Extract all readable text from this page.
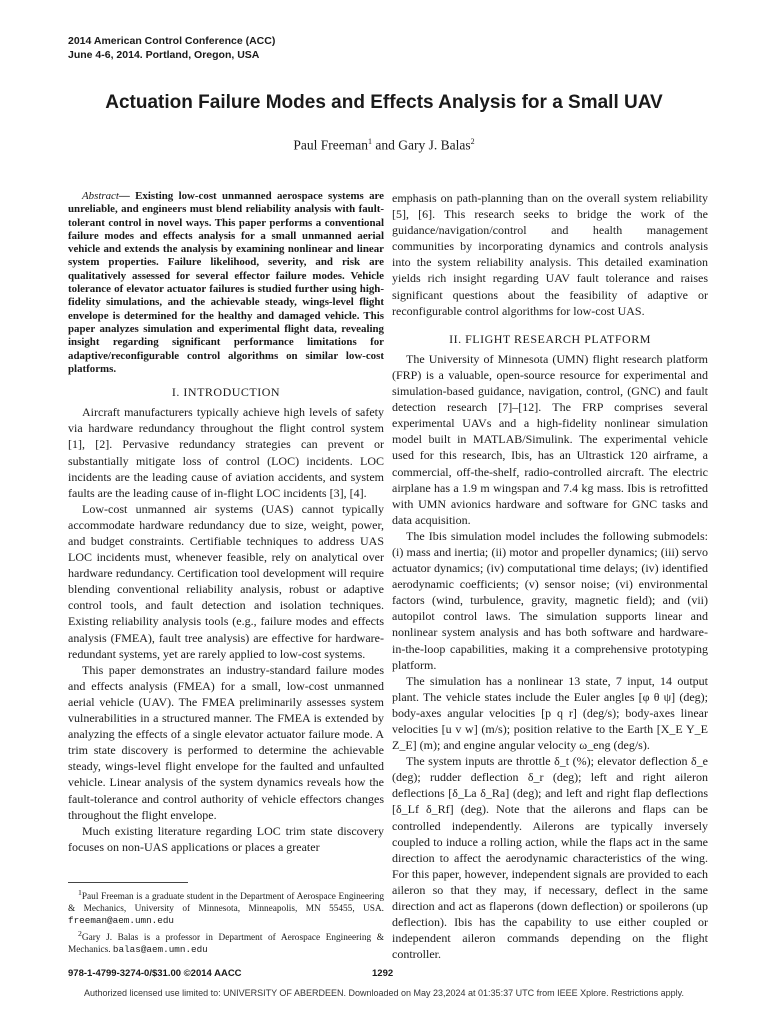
2014 American Control Conference (ACC)
June 4-6, 2014. Portland, Oregon, USA
Actuation Failure Modes and Effects Analysis for a Small UAV
Paul Freeman$^1$ and Gary J. Balas$^2$

Abstract— Existing low-cost unmanned aerospace systems are unreliable, and engineers must blend reliability analysis with fault-tolerant control in novel ways. This paper performs a conventional failure modes and effects analysis for a small unmanned aerial vehicle and extends the analysis by examining nonlinear and linear system properties. Failure likelihood, severity, and risk are qualitatively assessed for several effector failure modes. Vehicle tolerance of elevator actuator failures is studied further using high-fidelity simulations, and the achievable steady, wings-level flight envelope is determined for the healthy and damaged vehicle. This paper analyzes simulation and experimental flight data, revealing insight regarding significant performance limitations for adaptive/reconfigurable control algorithms on similar low-cost platforms.

I. INTRODUCTION

Aircraft manufacturers typically achieve high levels of safety via hardware redundancy throughout the flight control system [1], [2]. Pervasive redundancy strategies can prevent or substantially mitigate loss of control (LOC) incidents. LOC incidents are the leading cause of aviation accidents, and system faults are the leading cause of in-flight LOC incidents [3], [4].

Low-cost unmanned air systems (UAS) cannot typically accommodate hardware redundancy due to size, weight, power, and budget constraints. Certifiable techniques to address UAS LOC incidents must, whenever feasible, rely on analytical over hardware redundancy. Certification tool development will require blending conventional reliability analysis, robust or adaptive control tools, and fault detection and isolation techniques. Existing reliability analysis tools (e.g., failure modes and effects analysis (FMEA), fault tree analysis) are effective for hardware-redundant systems, yet are rarely applied to low-cost systems.

This paper demonstrates an industry-standard failure modes and effects analysis (FMEA) for a small, low-cost unmanned aerial vehicle (UAV). The FMEA preliminarily assesses system vulnerabilities in a structured manner. The FMEA is extended by analyzing the effects of a single elevator actuator failure mode. A trim state discovery is performed to determine the achievable steady, wings-level flight envelope for the faulted and unfaulted vehicle. Linear analysis of the system dynamics reveals how the fault-tolerance and control authority of vehicle effectors changes throughout the flight envelope.

Much existing literature regarding LOC trim state discovery focuses on non-UAS applications or places a greater

$^1$Paul Freeman is a graduate student in the Department of Aerospace Engineering & Mechanics, University of Minnesota, Minneapolis, MN 55455, USA. freeman@aem.umn.edu

$^2$Gary J. Balas is a professor in Department of Aerospace Engineering & Mechanics. balas@aem.umn.edu

emphasis on path-planning than on the overall system reliability [5], [6]. This research seeks to bridge the work of the guidance/navigation/control and health management communities by incorporating dynamics and controls analysis into the system reliability analysis. This detailed examination yields rich insight regarding UAV fault tolerance and raises significant questions about the feasibility of adaptive or reconfigurable control algorithms for low-cost UAS.

II. FLIGHT RESEARCH PLATFORM

The University of Minnesota (UMN) flight research platform (FRP) is a valuable, open-source resource for experimental and simulation-based guidance, navigation, control, (GNC) and fault detection research [7]–[12]. The FRP comprises several experimental UAVs and a high-fidelity nonlinear simulation model built in MATLAB/Simulink. The experimental vehicle used for this research, Ibis, has an Ultrastick 120 airframe, a commercial, off-the-shelf, radio-controlled aircraft. The electric airplane has a 1.9 m wingspan and 7.4 kg mass. Ibis is retrofitted with UMN avionics hardware and software for GNC tasks and data acquisition.

The Ibis simulation model includes the following submodels: (i) mass and inertia; (ii) motor and propeller dynamics; (iii) servo actuator dynamics; (iv) computational time delays; (iv) identified aerodynamic coefficients; (v) sensor noise; (vi) environmental factors (wind, turbulence, gravity, magnetic field); and (vii) autopilot control laws. The simulation supports linear and nonlinear system analysis and has both software and hardware-in-the-loop capabilities, making it a comprehensive prototyping platform.

The simulation has a nonlinear 13 state, 7 input, 14 output plant. The vehicle states include the Euler angles [φ θ ψ] (deg); body-axes angular velocities [p q r] (deg/s); body-axes linear velocities [u v w] (m/s); position relative to the Earth [X_E Y_E Z_E] (m); and engine angular velocity ω_eng (deg/s).

The system inputs are throttle δ_t (%); elevator deflection δ_e (deg); rudder deflection δ_r (deg); left and right aileron deflections [δ_La δ_Ra] (deg); and left and right flap deflections [δ_Lf δ_Rf] (deg). Note that the ailerons and flaps can be controlled independently. Ailerons are typically inversely coupled to induce a rolling action, while the flaps act in the same direction to affect the aerodynamic characteristics of the wing. For this paper, however, independent signals are provided to each aileron so that they may, if necessary, deflect in the same direction and act as flaperons (down deflection) or spoilerons (up deflection). Ibis has the capability to use either coupled or independent aileron commands depending on the flight controller.

978-1-4799-3274-0/$31.00 ©2014 AACC	1292
Authorized licensed use limited to: UNIVERSITY OF ABERDEEN. Downloaded on May 23,2024 at 01:35:37 UTC from IEEE Xplore. Restrictions apply.
